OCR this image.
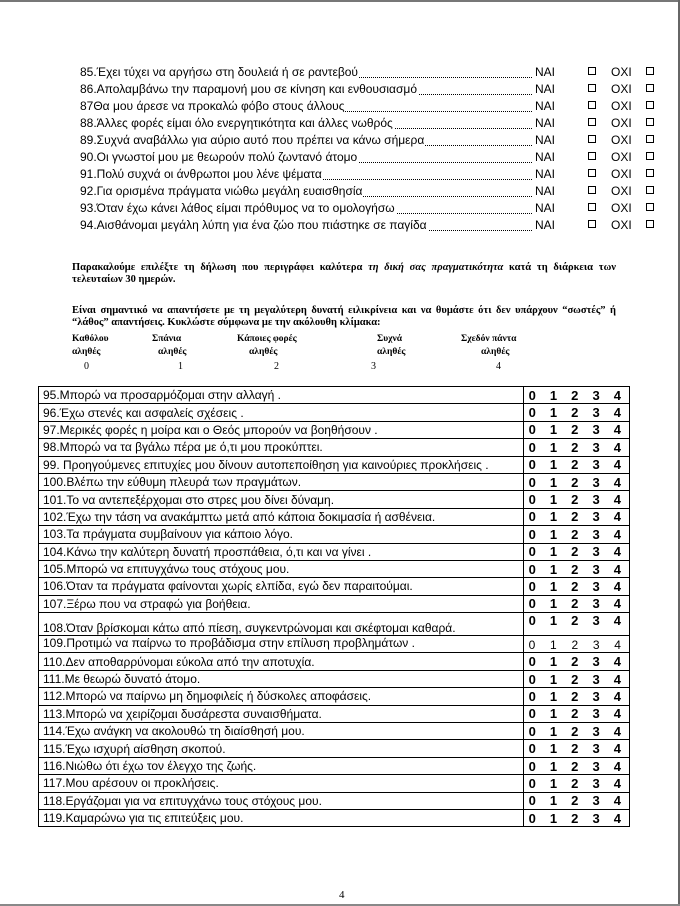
85.Έχει τύχει να αργήσω στη δουλειά ή σε ραντεβού	ΝΑΙ	ΟΧΙ
86.Απολαμβάνω την παραμονή μου σε κίνηση και ενθουσιασμό	ΝΑΙ	ΟΧΙ
87Θα μου άρεσε να προκαλώ φόβο στους άλλους	ΝΑΙ	ΟΧΙ
88.Άλλες φορές είμαι όλο ενεργητικότητα και άλλες νωθρός	ΝΑΙ	ΟΧΙ
89.Συχνά αναβάλλω για αύριο αυτό που πρέπει να κάνω σήμερα	ΝΑΙ	ΟΧΙ
90.Οι γνωστοί μου με θεωρούν πολύ ζωντανό άτομο	ΝΑΙ	ΟΧΙ
91.Πολύ συχνά οι άνθρωποι μου λένε ψέματα	ΝΑΙ	ΟΧΙ
92.Για ορισμένα πράγματα νιώθω μεγάλη ευαισθησία	ΝΑΙ	ΟΧΙ
93.Όταν έχω κάνει λάθος είμαι πρόθυμος να το ομολογήσω	ΝΑΙ	ΟΧΙ
94.Αισθάνομαι μεγάλη λύπη για ένα ζώο που πιάστηκε σε παγίδα	ΝΑΙ	ΟΧΙ
Παρακαλούμε επιλέξτε τη δήλωση που περιγράφει καλύτερα τη δική σας πραγματικότητα κατά τη διάρκεια των τελευταίων 30 ημερών.
Είναι σημαντικό να απαντήσετε με τη μεγαλύτερη δυνατή ειλικρίνεια και να θυμάστε ότι δεν υπάρχουν “σωστές” ή “λάθος” απαντήσεις. Κυκλώστε σύμφωνα με την ακόλουθη κλίμακα:
Καθόλου
αληθές
Σπάνια
αληθές
Κάποιες φορές
αληθές
Συχνά
αληθές
Σχεδόν πάντα
αληθές
0	1	2	3	4
95.Μπορώ να προσαρμόζομαι στην αλλαγή .	0 1 2 3 4

96.Έχω στενές και ασφαλείς σχέσεις .	0 1 2 3 4

97.Μερικές φορές η μοίρα και ο Θεός μπορούν να βοηθήσουν .	0 1 2 3 4

98.Μπορώ να τα βγάλω πέρα με ό,τι μου προκύπτει.	0 1 2 3 4

99. Προηγούμενες επιτυχίες μου δίνουν αυτοπεποίθηση για καινούριες προκλήσεις .	0 1 2 3 4

100.Βλέπω την εύθυμη πλευρά των πραγμάτων.	0 1 2 3 4

101.Το να αντεπεξέρχομαι στο στρες μου δίνει δύναμη.	0 1 2 3 4

102.Έχω την τάση να ανακάμπτω μετά από κάποια δοκιμασία ή ασθένεια.	0 1 2 3 4

103.Τα πράγματα συμβαίνουν για κάποιο λόγο.	0 1 2 3 4

104.Κάνω την καλύτερη δυνατή προσπάθεια, ό,τι και να γίνει .	0 1 2 3 4

105.Μπορώ να επιτυγχάνω τους στόχους μου.	0 1 2 3 4

106.Όταν τα πράγματα φαίνονται χωρίς ελπίδα, εγώ δεν παραιτούμαι.	0 1 2 3 4

107.Ξέρω που να στραφώ για βοήθεια.	0 1 2 3 4

108.Όταν βρίσκομαι κάτω από πίεση, συγκεντρώνομαι και σκέφτομαι καθαρά.	0 1 2 3 4

109.Προτιμώ να παίρνω το προβάδισμα στην επίλυση προβλημάτων .	0 1 2 3 4

110.Δεν αποθαρρύνομαι εύκολα από την αποτυχία.	0 1 2 3 4

111.Με θεωρώ δυνατό άτομο.	0 1 2 3 4

112.Μπορώ να παίρνω μη δημοφιλείς ή δύσκολες αποφάσεις.	0 1 2 3 4

113.Μπορώ να χειρίζομαι δυσάρεστα συναισθήματα.	0 1 2 3 4

114.Έχω ανάγκη να ακολουθώ τη διαίσθησή μου.	0 1 2 3 4

115.Έχω ισχυρή αίσθηση σκοπού.	0 1 2 3 4

116.Νιώθω ότι έχω τον έλεγχο της ζωής.	0 1 2 3 4

117.Μου αρέσουν οι προκλήσεις.	0 1 2 3 4

118.Εργάζομαι για να επιτυγχάνω τους στόχους μου.	0 1 2 3 4

119.Καμαρώνω για τις επιτεύξεις μου.	0 1 2 3 4
4
